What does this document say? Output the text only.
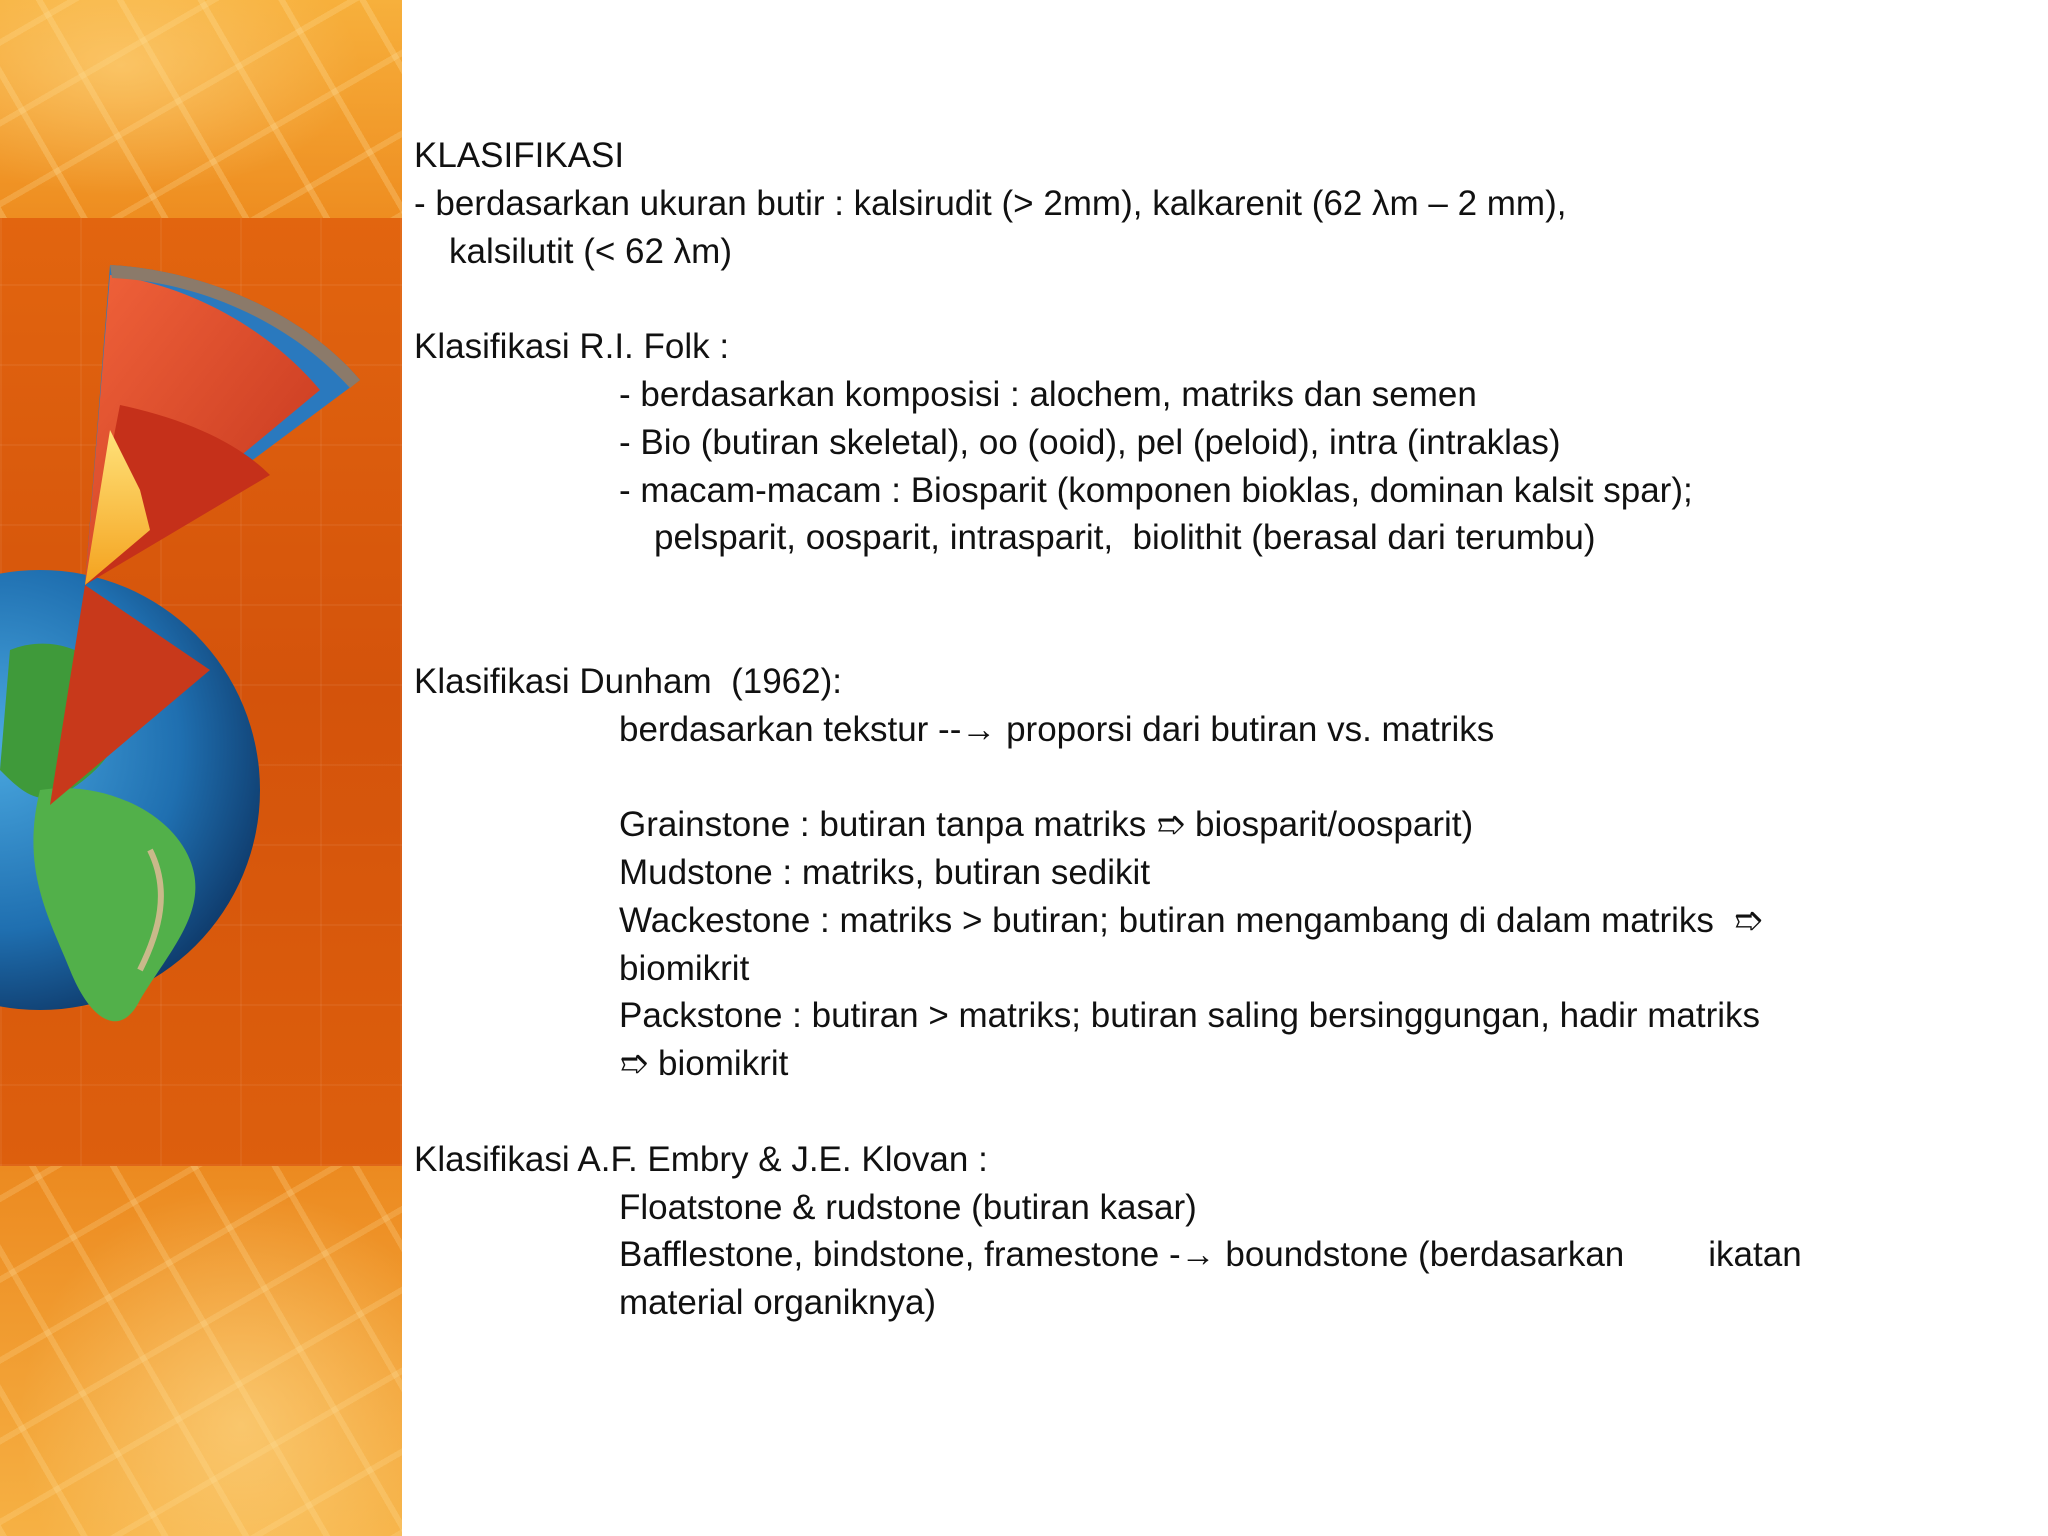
KLASIFIKASI

- berdasarkan ukuran butir : kalsirudit (> 2mm), kalkarenit (62 λm – 2 mm),

kalsilutit (< 62 λm)

Klasifikasi R.I. Folk :

- berdasarkan komposisi : alochem, matriks dan semen

- Bio (butiran skeletal), oo (ooid), pel (peloid), intra (intraklas)

- macam-macam : Biosparit (komponen bioklas, dominan kalsit spar);

pelsparit, oosparit, intrasparit,  biolithit (berasal dari terumbu)

Klasifikasi Dunham  (1962):

berdasarkan tekstur --→ proporsi dari butiran vs. matriks

Grainstone : butiran tanpa matriks ➱ biosparit/oosparit)

Mudstone : matriks, butiran sedikit

Wackestone : matriks > butiran; butiran mengambang di dalam matriks  ➱

biomikrit

Packstone : butiran > matriks; butiran saling bersinggungan, hadir matriks

➱ biomikrit

Klasifikasi A.F. Embry & J.E. Klovan :

Floatstone & rudstone (butiran kasar)

Bafflestone, bindstone, framestone -→ boundstone (berdasarkan ikatan

material organiknya)
